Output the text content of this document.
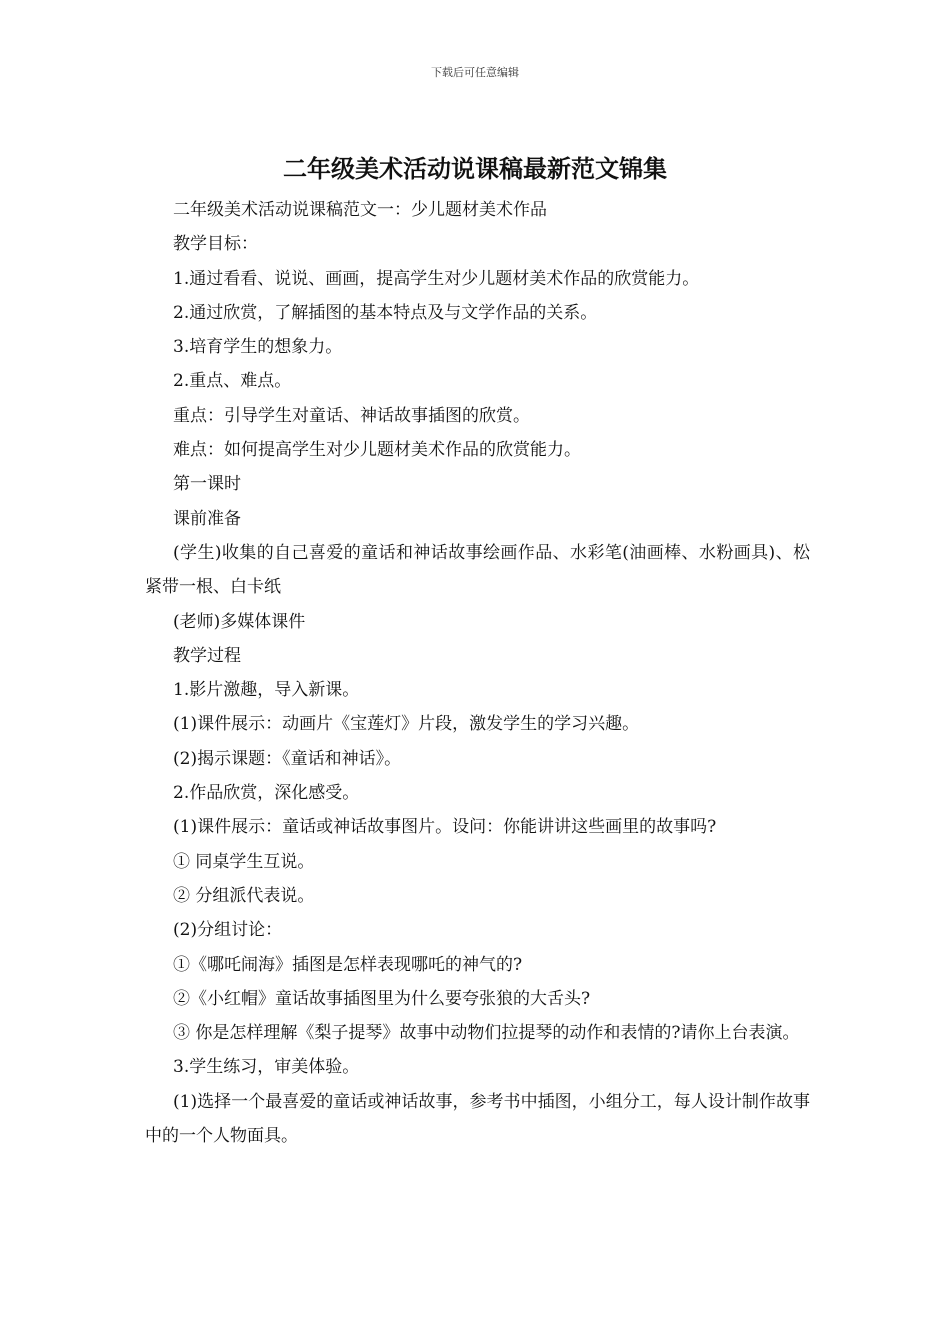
下载后可任意编辑
二年级美术活动说课稿最新范文锦集

二年级美术活动说课稿范文一：少儿题材美术作品

教学目标：

1.通过看看、说说、画画，提高学生对少儿题材美术作品的欣赏能力。

2.通过欣赏，了解插图的基本特点及与文学作品的关系。

3.培育学生的想象力。

2.重点、难点。

重点：引导学生对童话、神话故事插图的欣赏。

难点：如何提高学生对少儿题材美术作品的欣赏能力。

第一课时

课前准备

(学生)收集的自己喜爱的童话和神话故事绘画作品、水彩笔(油画棒、水粉画具)、松紧带一根、白卡纸

(老师)多媒体课件

教学过程

1.影片激趣，导入新课。

(1)课件展示：动画片《宝莲灯》片段，激发学生的学习兴趣。

(2)揭示课题：《童话和神话》。

2.作品欣赏，深化感受。

(1)课件展示：童话或神话故事图片。设问：你能讲讲这些画里的故事吗?

① 同桌学生互说。

② 分组派代表说。

(2)分组讨论：

①《哪吒闹海》插图是怎样表现哪吒的神气的?

②《小红帽》童话故事插图里为什么要夸张狼的大舌头?

③ 你是怎样理解《梨子提琴》故事中动物们拉提琴的动作和表情的?请你上台表演。

3.学生练习，审美体验。

(1)选择一个最喜爱的童话或神话故事，参考书中插图，小组分工，每人设计制作故事中的一个人物面具。
